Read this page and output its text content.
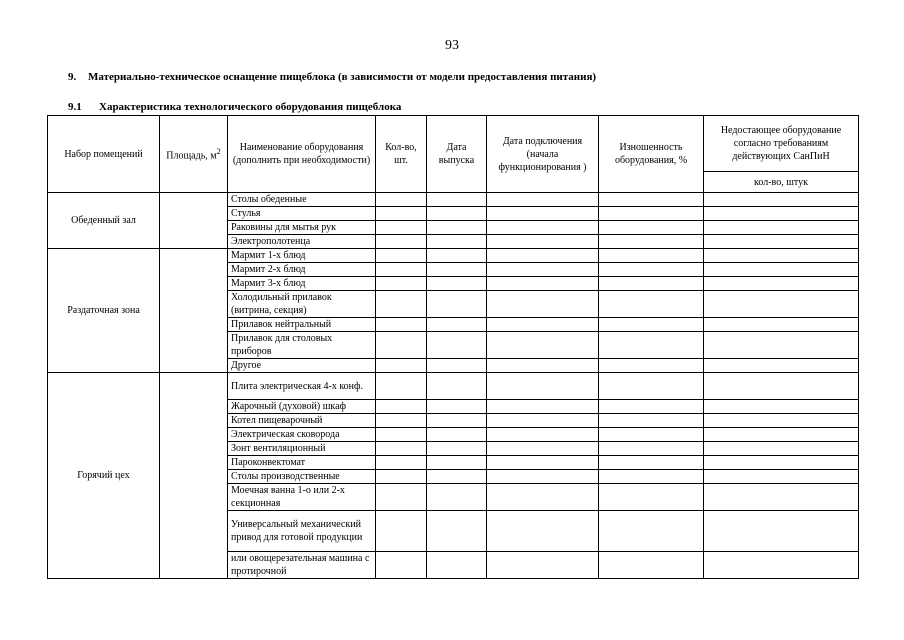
93
9. Материально-техническое оснащение пищеблока (в зависимости от модели предоставления питания)
9.1 Характеристика технологического оборудования пищеблока
Набор помещений	Площадь, $м^2$	Наименование оборудования (дополнить при необходимости)	Кол-во, шт.	Дата выпуска	Дата подключения (начала функционирования )	Изношенность оборудования, %	Недостающее оборудование согласно требованиям действующих СанПиН
							кол-во, штук
Обеденный зал		Столы обеденные					
		Стулья					
		Раковины для мытья рук					
		Электрополотенца					
Раздаточная зона		Мармит 1-х блюд					
		Мармит 2-х блюд					
		Мармит 3-х блюд					
		Холодильный прилавок (витрина, секция)					
		Прилавок нейтральный					
		Прилавок для столовых приборов					
		Другое					
Горячий цех		Плита электрическая 4-х конф.					
		Жарочный (духовой) шкаф					
		Котел пищеварочный					
		Электрическая сковорода					
		Зонт вентиляционный					
		Пароконвектомат					
		Столы производственные					
		Моечная ванна 1-о или 2-х секционная					
		Универсальный механический привод для готовой продукции					
		или овощерезательная машина с протирочной					
